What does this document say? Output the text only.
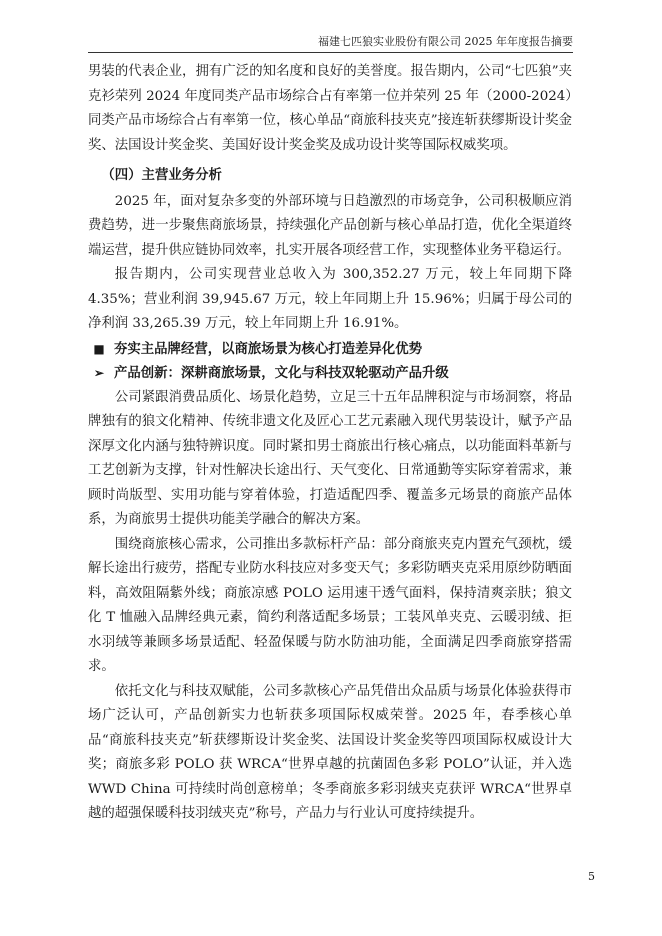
福建七匹狼实业股份有限公司 2025 年年度报告摘要

男装的代表企业，拥有广泛的知名度和良好的美誉度。报告期内，公司“七匹狼”夹克衫荣列 2024 年度同类产品市场综合占有率第一位并荣列 25 年（2000-2024）同类产品市场综合占有率第一位，核心单品“商旅科技夹克”接连斩获缪斯设计奖金奖、法国设计奖金奖、美国好设计奖金奖及成功设计奖等国际权威奖项。

（四）主营业务分析

2025 年，面对复杂多变的外部环境与日趋激烈的市场竞争，公司积极顺应消费趋势，进一步聚焦商旅场景，持续强化产品创新与核心单品打造，优化全渠道终端运营，提升供应链协同效率，扎实开展各项经营工作，实现整体业务平稳运行。

报告期内，公司实现营业总收入为 300,352.27 万元，较上年同期下降 4.35%；营业利润 39,945.67 万元，较上年同期上升 15.96%；归属于母公司的净利润 33,265.39 万元，较上年同期上升 16.91%。

■ 夯实主品牌经营，以商旅场景为核心打造差异化优势

➢ 产品创新：深耕商旅场景，文化与科技双轮驱动产品升级

公司紧跟消费品质化、场景化趋势，立足三十五年品牌积淀与市场洞察，将品牌独有的狼文化精神、传统非遗文化及匠心工艺元素融入现代男装设计，赋予产品深厚文化内涵与独特辨识度。同时紧扣男士商旅出行核心痛点，以功能面料革新与工艺创新为支撑，针对性解决长途出行、天气变化、日常通勤等实际穿着需求，兼顾时尚版型、实用功能与穿着体验，打造适配四季、覆盖多元场景的商旅产品体系，为商旅男士提供功能美学融合的解决方案。

围绕商旅核心需求，公司推出多款标杆产品：部分商旅夹克内置充气颈枕，缓解长途出行疲劳，搭配专业防水科技应对多变天气；多彩防晒夹克采用原纱防晒面料，高效阻隔紫外线；商旅凉感 POLO 运用速干透气面料，保持清爽亲肤；狼文化 T 恤融入品牌经典元素，简约利落适配多场景；工装风单夹克、云暖羽绒、拒水羽绒等兼顾多场景适配、轻盈保暖与防水防油功能，全面满足四季商旅穿搭需求。

依托文化与科技双赋能，公司多款核心产品凭借出众品质与场景化体验获得市场广泛认可，产品创新实力也斩获多项国际权威荣誉。2025 年，春季核心单品“商旅科技夹克”斩获缪斯设计奖金奖、法国设计奖金奖等四项国际权威设计大奖；商旅多彩 POLO 获 WRCA“世界卓越的抗菌固色多彩 POLO”认证，并入选 WWD China 可持续时尚创意榜单；冬季商旅多彩羽绒夹克获评 WRCA“世界卓越的超强保暖科技羽绒夹克”称号，产品力与行业认可度持续提升。

5
